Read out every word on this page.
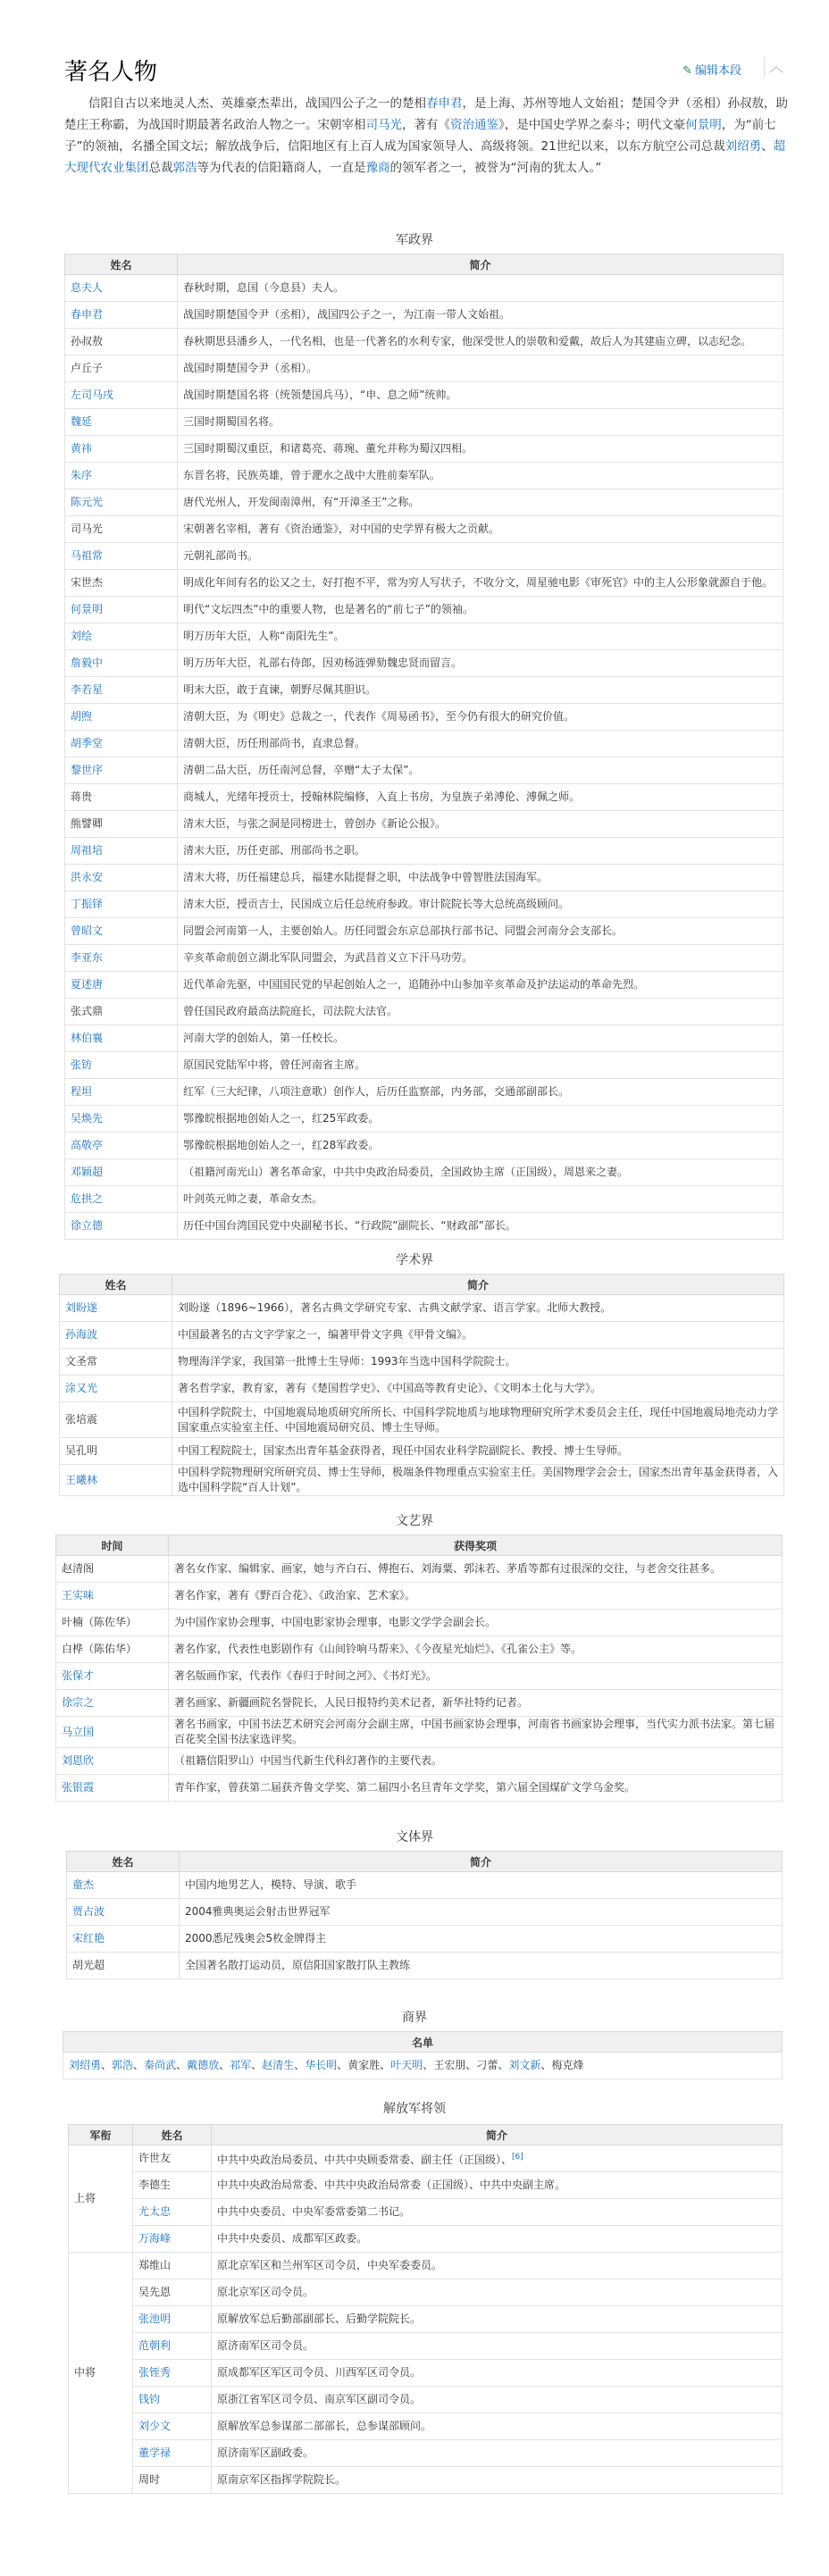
著名人物	✎ 编辑本段	︿
信阳自古以来地灵人杰、英雄豪杰辈出，战国四公子之一的楚相春申君，是上海、苏州等地人文始祖；楚国令尹（丞相）孙叔敖，助楚庄王称霸，为战国时期最著名政治人物之一。宋朝宰相司马光，著有《资治通鉴》，是中国史学界之泰斗；明代文豪何景明，为“前七子”的领袖，名播全国文坛；解放战争后，信阳地区有上百人成为国家领导人、高级将领。21世纪以来，以东方航空公司总裁刘绍勇、超大现代农业集团总裁郭浩等为代表的信阳籍商人，一直是豫商的领军者之一，被誉为“河南的犹太人。”
军政界
姓名	简介
息夫人	春秋时期，息国（今息县）夫人。
春申君	战国时期楚国令尹（丞相），战国四公子之一，为江南一带人文始祖。
孙叔敖	春秋期思县潘乡人，一代名相，也是一代著名的水利专家，他深受世人的崇敬和爱戴，故后人为其建庙立碑，以志纪念。
卢丘子	战国时期楚国令尹（丞相）。
左司马戌	战国时期楚国名将（统领楚国兵马），“申、息之师”统帅。
魏延	三国时期蜀国名将。
黄祎	三国时期蜀汉重臣，和诸葛亮、蒋琬、董允并称为蜀汉四相。
朱序	东晋名将，民族英雄，曾于淝水之战中大胜前秦军队。
陈元光	唐代光州人，开发闽南漳州，有“开漳圣王”之称。
司马光	宋朝著名宰相，著有《资治通鉴》，对中国的史学界有极大之贡献。
马祖常	元朝礼部尚书。
宋世杰	明成化年间有名的讼又之士，好打抱不平，常为穷人写状子，不收分文，周星驰电影《审死官》中的主人公形象就源自于他。
何景明	明代“文坛四杰”中的重要人物，也是著名的“前七子”的领袖。
刘绘	明万历年大臣，人称“南阳先生”。
詹毅中	明万历年大臣，礼部右侍郎，因劝杨涟弹劾魏忠贤而留言。
李若星	明末大臣，敢于直谏，朝野尽佩其胆识。
胡煦	清朝大臣，为《明史》总裁之一，代表作《周易函书》，至今仍有很大的研究价值。
胡季堂	清朝大臣，历任刑部尚书，直隶总督。
黎世序	清朝二品大臣，历任南河总督，卒赠“太子太保”。
蒋贵	商城人，光绪年授贡士，授翰林院编修，入直上书房，为皇族子弟溥伦、溥佩之师。
熊譬卿	清末大臣，与张之洞是同榜进士，曾创办《新论公报》。
周祖培	清末大臣，历任吏部、刑部尚书之职。
洪永安	清末大将，历任福建总兵，福建水陆提督之职，中法战争中曾智胜法国海军。
丁振铎	清末大臣，授贡吉士，民国成立后任总统府参政。审计院院长等大总统高级顾问。
曾昭文	同盟会河南第一人，主要创始人。历任同盟会东京总部执行部书记、同盟会河南分会支部长。
李亚东	辛亥革命前创立湖北军队同盟会，为武昌首义立下汗马功劳。
夏述唐	近代革命先驱，中国国民党的早起创始人之一，追随孙中山参加辛亥革命及护法运动的革命先烈。
张式鼎	曾任国民政府最高法院庭长，司法院大法官。
林伯襄	河南大学的创始人，第一任校长。
张钫	原国民党陆军中将，曾任河南省主席。
程坦	红军（三大纪律，八项注意歌）创作人，后历任监察部，内务部，交通部副部长。
吴焕先	鄂豫皖根据地创始人之一，红25军政委。
高敬亭	鄂豫皖根据地创始人之一，红28军政委。
邓颖超	（祖籍河南光山）著名革命家，中共中央政治局委员，全国政协主席（正国级），周恩来之妻。
危拱之	叶剑英元帅之妻，革命女杰。
徐立德	历任中国台湾国民党中央副秘书长、“行政院”副院长、“财政部”部长。
学术界
姓名	简介
刘盼遂	刘盼遂（1896~1966），著名古典文学研究专家、古典文献学家、语言学家。北师大教授。
孙海波	中国最著名的古文字学家之一，编著甲骨文字典《甲骨文编》。
文圣常	物理海洋学家，我国第一批博士生导师：1993年当选中国科学院院士。
涂又光	著名哲学家，教育家，著有《楚国哲学史》、《中国高等教育史论》、《文明本土化与大学》。
张培震	中国科学院院士，中国地震局地质研究所所长、中国科学院地质与地球物理研究所学术委员会主任，现任中国地震局地壳动力学国家重点实验室主任、中国地震局研究员、博士生导师。
吴孔明	中国工程院院士，国家杰出青年基金获得者，现任中国农业科学院副院长、教授、博士生导师。
王曦林	中国科学院物理研究所研究员、博士生导师，极端条件物理重点实验室主任。美国物理学会会士，国家杰出青年基金获得者，入选中国科学院“百人计划”。
文艺界
时间	获得奖项
赵清阁	著名女作家、编辑家、画家，她与齐白石、傅抱石、刘海粟、郭沫若、茅盾等都有过很深的交往，与老舍交往甚多。
王实味	著名作家，著有《野百合花》、《政治家、艺术家》。
叶楠（陈佐华）	为中国作家协会理事，中国电影家协会理事，电影文学学会副会长。
白桦（陈佑华）	著名作家，代表性电影剧作有《山间铃响马帮来》、《今夜星光灿烂》、《孔雀公主》等。
张保才	著名版画作家，代表作《春归于时间之河》、《书灯光》。
徐宗之	著名画家、新疆画院名誉院长，人民日报特约美术记者，新华社特约记者。
马立国	著名书画家，中国书法艺术研究会河南分会副主席，中国书画家协会理事，河南省书画家协会理事，当代实力派书法家。第七届百花奖全国书法家选评奖。
刘恩欣	（祖籍信阳罗山）中国当代新生代科幻著作的主要代表。
张银霞	青年作家，曾获第二届获齐鲁文学奖、第二届四小名旦青年文学奖，第六届全国煤矿文学乌金奖。
文体界
姓名	简介
童杰	中国内地男艺人，模特、导演、歌手
贾占波	2004雅典奥运会射击世界冠军
宋红艳	2000悉尼残奥会5枚金牌得主
胡光超	全国著名散打运动员，原信阳国家散打队主教练
商界
名单
刘绍勇、郭浩、秦尚武、戴德放、祁军、赵清生、华长明、黄家胜、叶天明、王宏朋、刁蕾、刘文新、梅克烽
解放军将领
军衔	姓名	简介
上将	许世友	中共中央政治局委员、中共中央顾委常委、副主任（正国级）、[6]
	李德生	中共中央政治局常委、中共中央政治局常委（正国级）、中共中央副主席。
	尤太忠	中共中央委员、中央军委常委第二书记。
	万海峰	中共中央委员、成都军区政委。
中将	郑维山	原北京军区和兰州军区司令员，中央军委委员。
	吴先恩	原北京军区司令员。
	张池明	原解放军总后勤部副部长、后勤学院院长。
	范朝利	原济南军区司令员。
	张铚秀	原成都军区军区司令员、川西军区司令员。
	钱钧	原浙江省军区司令员、南京军区副司令员。
	刘少文	原解放军总参谋部二部部长，总参谋部顾问。
	董学禄	原济南军区副政委。
	周时	原南京军区指挥学院院长。
